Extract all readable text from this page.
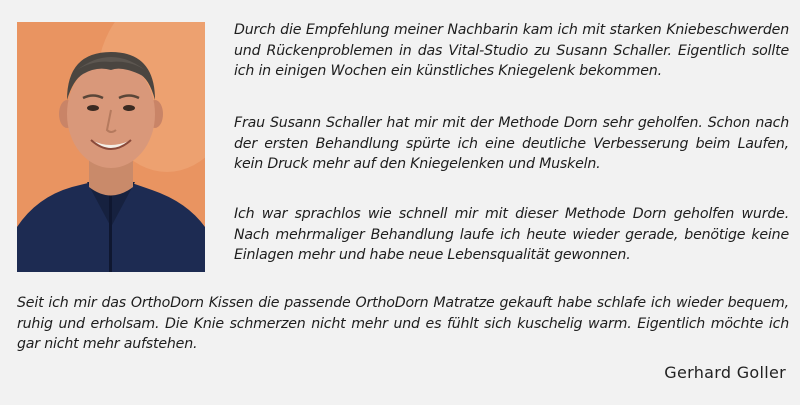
Durch die Empfehlung meiner Nachbarin kam ich mit starken Kniebeschwerden und Rückenproblemen in das Vital-Studio zu Susann Schaller. Eigentlich sollte ich in einigen Wochen ein künstliches Kniegelenk bekommen.

Frau Susann Schaller hat mir mit der Methode Dorn sehr geholfen. Schon nach der ersten Behandlung spürte ich eine deutliche Verbesserung beim Laufen, kein Druck mehr auf den Kniegelenken und Muskeln.

Ich war sprachlos wie schnell mir mit dieser Methode Dorn geholfen wurde. Nach mehrmaliger Behandlung laufe ich heute wieder gerade, benötige keine Einlagen mehr und habe neue Lebensqualität gewonnen.

Seit ich mir das OrthoDorn Kissen die passende OrthoDorn Matratze gekauft habe schlafe ich wieder bequem, ruhig und erholsam. Die Knie schmerzen nicht mehr und es fühlt sich kuschelig warm. Eigentlich möchte ich gar nicht mehr aufstehen.

Gerhard Goller
